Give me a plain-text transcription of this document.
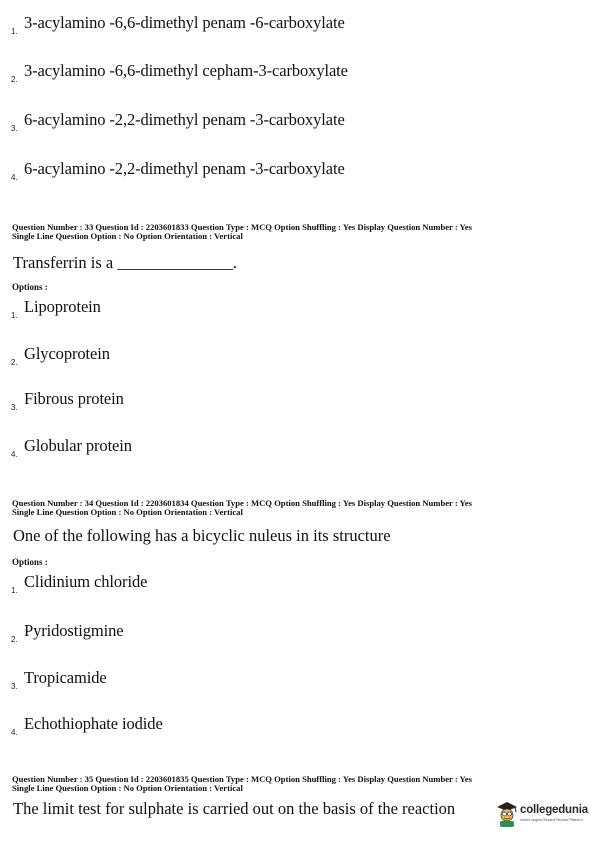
1. 3-acylamino -6,6-dimethyl penam -6-carboxylate
2. 3-acylamino -6,6-dimethyl cepham-3-carboxylate
3. 6-acylamino -2,2-dimethyl penam -3-carboxylate
4. 6-acylamino -2,2-dimethyl penam -3-carboxylate
Question Number : 33 Question Id : 2203601833 Question Type : MCQ Option Shuffling : Yes Display Question Number : Yes
Single Line Question Option : No Option Orientation : Vertical
Transferrin is a ______________.
Options :
1. Lipoprotein
2. Glycoprotein
3. Fibrous protein
4. Globular protein
Question Number : 34 Question Id : 2203601834 Question Type : MCQ Option Shuffling : Yes Display Question Number : Yes
Single Line Question Option : No Option Orientation : Vertical
One of the following has a bicyclic nuleus in its structure
Options :
1. Clidinium chloride
2. Pyridostigmine
3. Tropicamide
4. Echothiophate iodide
Question Number : 35 Question Id : 2203601835 Question Type : MCQ Option Shuffling : Yes Display Question Number : Yes
Single Line Question Option : No Option Orientation : Vertical
The limit test for sulphate is carried out on the basis of the reaction	collegedunia
India's largest Student Review Platform
